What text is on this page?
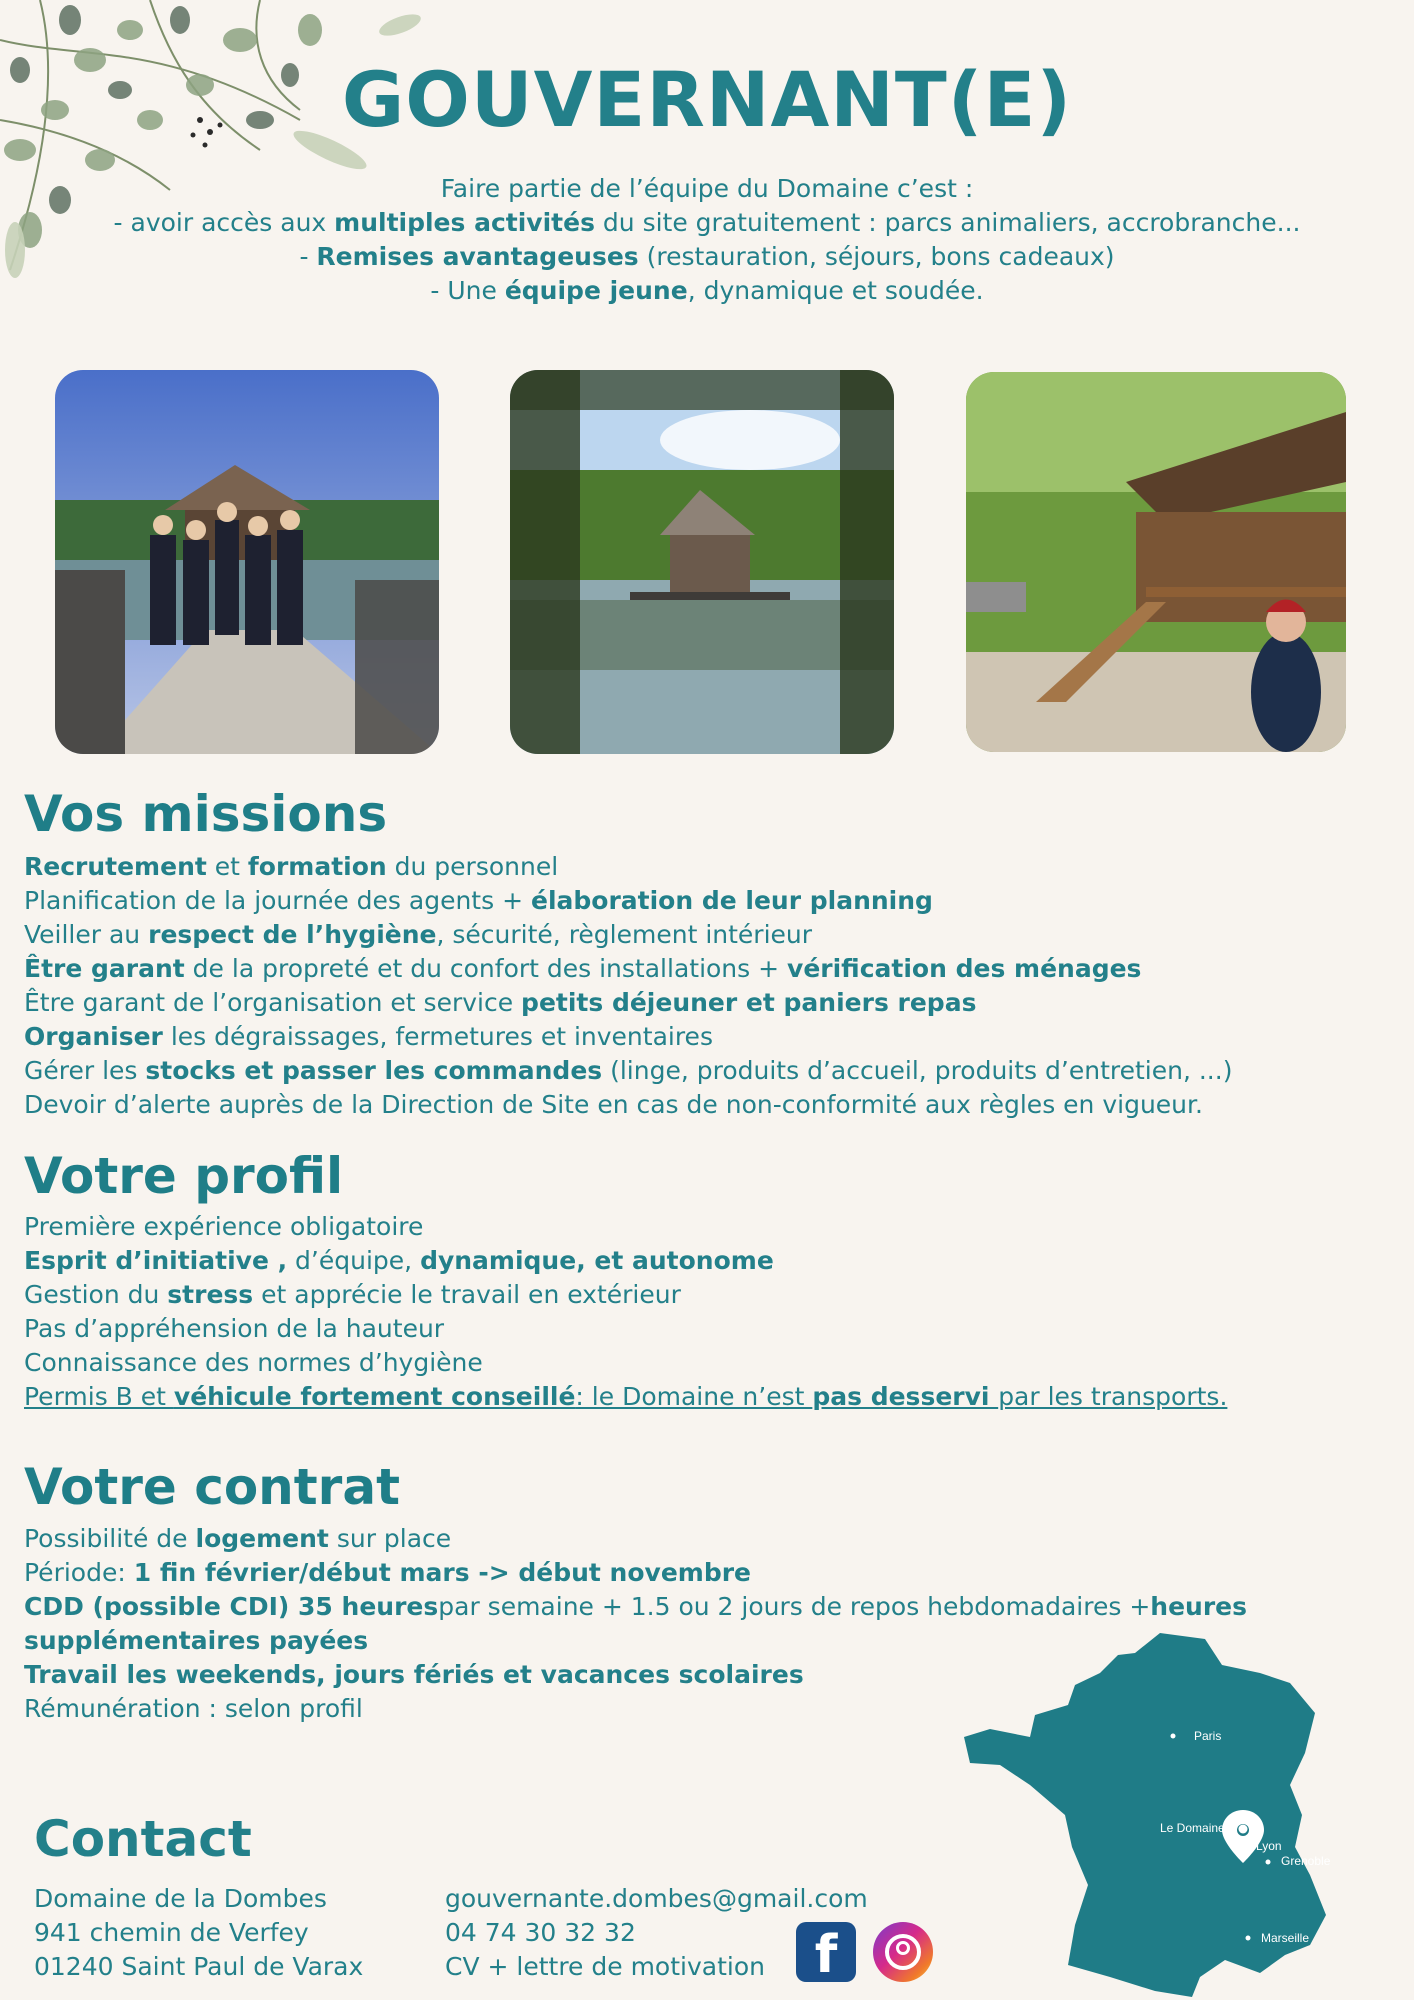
GOUVERNANT(E)
Faire partie de l’équipe du Domaine c’est :
- avoir accès aux multiples activités du site gratuitement : parcs animaliers, accrobranche...
- Remises avantageuses (restauration, séjours, bons cadeaux)
- Une équipe jeune, dynamique et soudée.
Vos missions
Recrutement et formation du personnel
Planification de la journée des agents + élaboration de leur planning
Veiller au respect de l’hygiène, sécurité, règlement intérieur
Être garant de la propreté et du confort des installations + vérification des ménages
Être garant de l’organisation et service petits déjeuner et paniers repas
Organiser les dégraissages, fermetures et inventaires
Gérer les stocks et passer les commandes (linge, produits d’accueil, produits d’entretien, ...)
Devoir d’alerte auprès de la Direction de Site en cas de non-conformité aux règles en vigueur.
Votre profil
Première expérience obligatoire
Esprit d’initiative , d’équipe, dynamique, et autonome
Gestion du stress et apprécie le travail en extérieur
Pas d’appréhension de la hauteur
Connaissance des normes d’hygiène
Permis B et véhicule fortement conseillé: le Domaine n’est pas desservi par les transports.
Votre contrat
Possibilité de logement sur place
Période: 1 fin février/début mars -> début novembre
CDD (possible CDI) 35 heures par semaine + 1.5 ou 2 jours de repos hebdomadaires + heures
supplémentaires payées
Travail les weekends, jours fériés et vacances scolaires
Rémunération : selon profil
Paris
Le Domaine
Lyon
Grenoble
Marseille
Contact
Domaine de la Dombes
941 chemin de Verfey
01240 Saint Paul de Varax
gouvernante.dombes@gmail.com
04 74 30 32 32
CV + lettre de motivation f
